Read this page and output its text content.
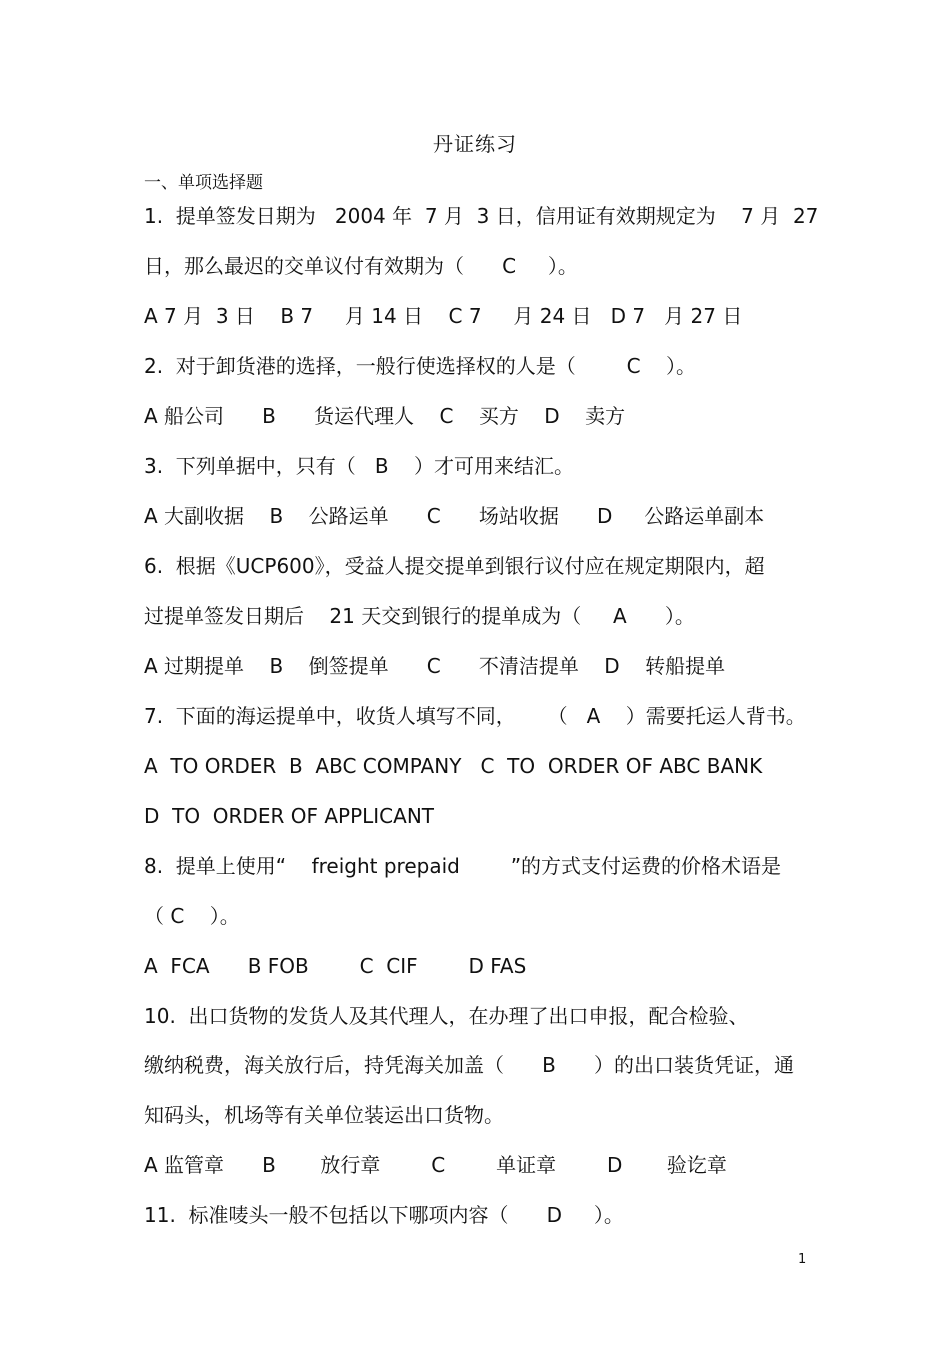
丹证练习
一、单项选择题
1.  提单签发日期为   2004 年  7 月  3 日，信用证有效期规定为    7 月  27
日，那么最迟的交单议付有效期为（      C     ）。
A 7 月  3 日    B 7     月 14 日    C 7     月 24 日   D 7   月 27 日
2.  对于卸货港的选择，一般行使选择权的人是（        C    ）。
A 船公司      B      货运代理人    C    买方    D    卖方
3.  下列单据中，只有（   B    ）才可用来结汇。
A 大副收据    B    公路运单      C      场站收据      D     公路运单副本
6.  根据《UCP600》，受益人提交提单到银行议付应在规定期限内，超
过提单签发日期后    21 天交到银行的提单成为（     A      ）。
A 过期提单    B    倒签提单      C      不清洁提单    D    转船提单
7.  下面的海运提单中，收货人填写不同，     （   A    ）需要托运人背书。
A  TO ORDER  B  ABC COMPANY   C  TO  ORDER OF ABC BANK
D  TO  ORDER OF APPLICANT
8.  提单上使用“    freight prepaid        ”的方式支付运费的价格术语是
（ C    ）。
A  FCA      B FOB        C  CIF        D FAS
10.  出口货物的发货人及其代理人，在办理了出口申报，配合检验、
缴纳税费，海关放行后，持凭海关加盖（      B      ）的出口装货凭证，通
知码头，机场等有关单位装运出口货物。
A 监管章      B       放行章        C        单证章        D       验讫章
11.  标准唛头一般不包括以下哪项内容（      D     ）。
1
